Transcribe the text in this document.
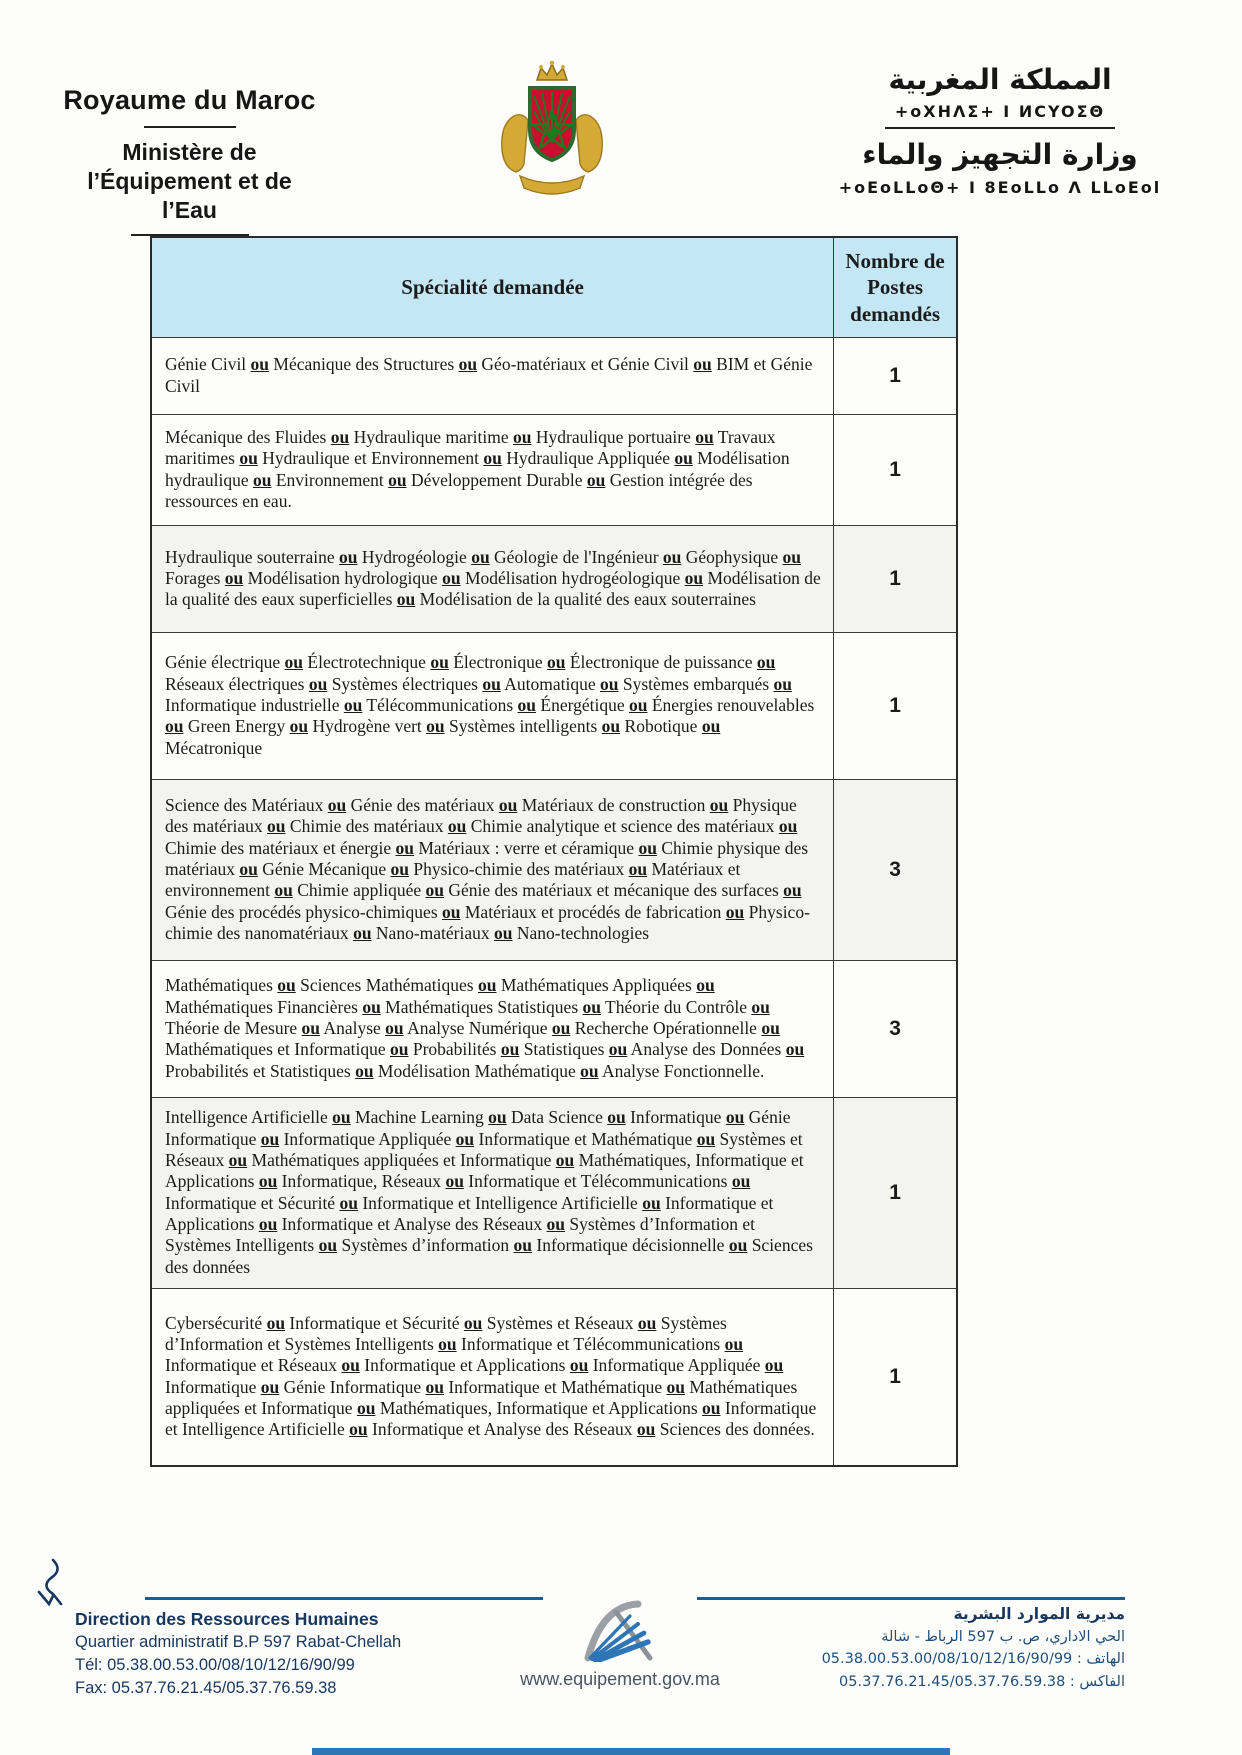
Royaume du Maroc
Ministère de
l’Équipement et de l’Eau
المملكة المغربية
+oXHΛΣ+ I ИCYOΣΘ
وزارة التجهيز والماء
+oEoLLoΘ+ I 8EoLLo Λ LLoEol
Spécialité demandée	Nombre de Postes demandés
Génie Civil ou Mécanique des Structures ou Géo-matériaux et Génie Civil ou BIM et Génie Civil	1
Mécanique des Fluides ou Hydraulique maritime ou Hydraulique portuaire ou Travaux maritimes ou Hydraulique et Environnement ou Hydraulique Appliquée ou Modélisation hydraulique ou Environnement ou Développement Durable ou Gestion intégrée des ressources en eau.	1
Hydraulique souterraine ou Hydrogéologie ou Géologie de l'Ingénieur ou Géophysique ou Forages ou Modélisation hydrologique ou Modélisation hydrogéologique ou Modélisation de la qualité des eaux superficielles ou Modélisation de la qualité des eaux souterraines	1
Génie électrique ou Électrotechnique ou Électronique ou Électronique de puissance ou Réseaux électriques ou Systèmes électriques ou Automatique ou Systèmes embarqués ou Informatique industrielle ou Télécommunications ou Énergétique ou Énergies renouvelables ou Green Energy ou Hydrogène vert ou Systèmes intelligents ou Robotique ou Mécatronique	1
Science des Matériaux ou Génie des matériaux ou Matériaux de construction ou Physique des matériaux ou Chimie des matériaux ou Chimie analytique et science des matériaux ou Chimie des matériaux et énergie ou Matériaux : verre et céramique ou Chimie physique des matériaux ou Génie Mécanique ou Physico-chimie des matériaux ou Matériaux et environnement ou Chimie appliquée ou Génie des matériaux et mécanique des surfaces ou Génie des procédés physico-chimiques ou Matériaux et procédés de fabrication ou Physico-chimie des nanomatériaux ou Nano-matériaux ou Nano-technologies	3
Mathématiques ou Sciences Mathématiques ou Mathématiques Appliquées ou Mathématiques Financières ou Mathématiques Statistiques ou Théorie du Contrôle ou Théorie de Mesure ou Analyse ou Analyse Numérique ou Recherche Opérationnelle ou Mathématiques et Informatique ou Probabilités ou Statistiques ou Analyse des Données ou Probabilités et Statistiques ou Modélisation Mathématique ou Analyse Fonctionnelle.	3
Intelligence Artificielle ou Machine Learning ou Data Science ou Informatique ou Génie Informatique ou Informatique Appliquée ou Informatique et Mathématique ou Systèmes et Réseaux ou Mathématiques appliquées et Informatique ou Mathématiques, Informatique et Applications ou Informatique, Réseaux ou Informatique et Télécommunications ou Informatique et Sécurité ou Informatique et Intelligence Artificielle ou Informatique et Applications ou Informatique et Analyse des Réseaux ou Systèmes d’Information et Systèmes Intelligents ou Systèmes d’information ou Informatique décisionnelle ou Sciences des données	1
Cybersécurité ou Informatique et Sécurité ou Systèmes et Réseaux ou Systèmes d’Information et Systèmes Intelligents ou Informatique et Télécommunications ou Informatique et Réseaux ou Informatique et Applications ou Informatique Appliquée ou Informatique ou Génie Informatique ou Informatique et Mathématique ou Mathématiques appliquées et Informatique ou Mathématiques, Informatique et Applications ou Informatique et Intelligence Artificielle ou Informatique et Analyse des Réseaux ou Sciences des données.	1
Direction des Ressources Humaines
Quartier administratif B.P 597 Rabat-Chellah
Tél: 05.38.00.53.00/08/10/12/16/90/99
Fax: 05.37.76.21.45/05.37.76.59.38	www.equipement.gov.ma
مديرية الموارد البشرية
الحي الاداري، ص. ب 597 الرباط - شالة
الهاتف : 05.38.00.53.00/08/10/12/16/90/99
الفاكس : 05.37.76.21.45/05.37.76.59.38
